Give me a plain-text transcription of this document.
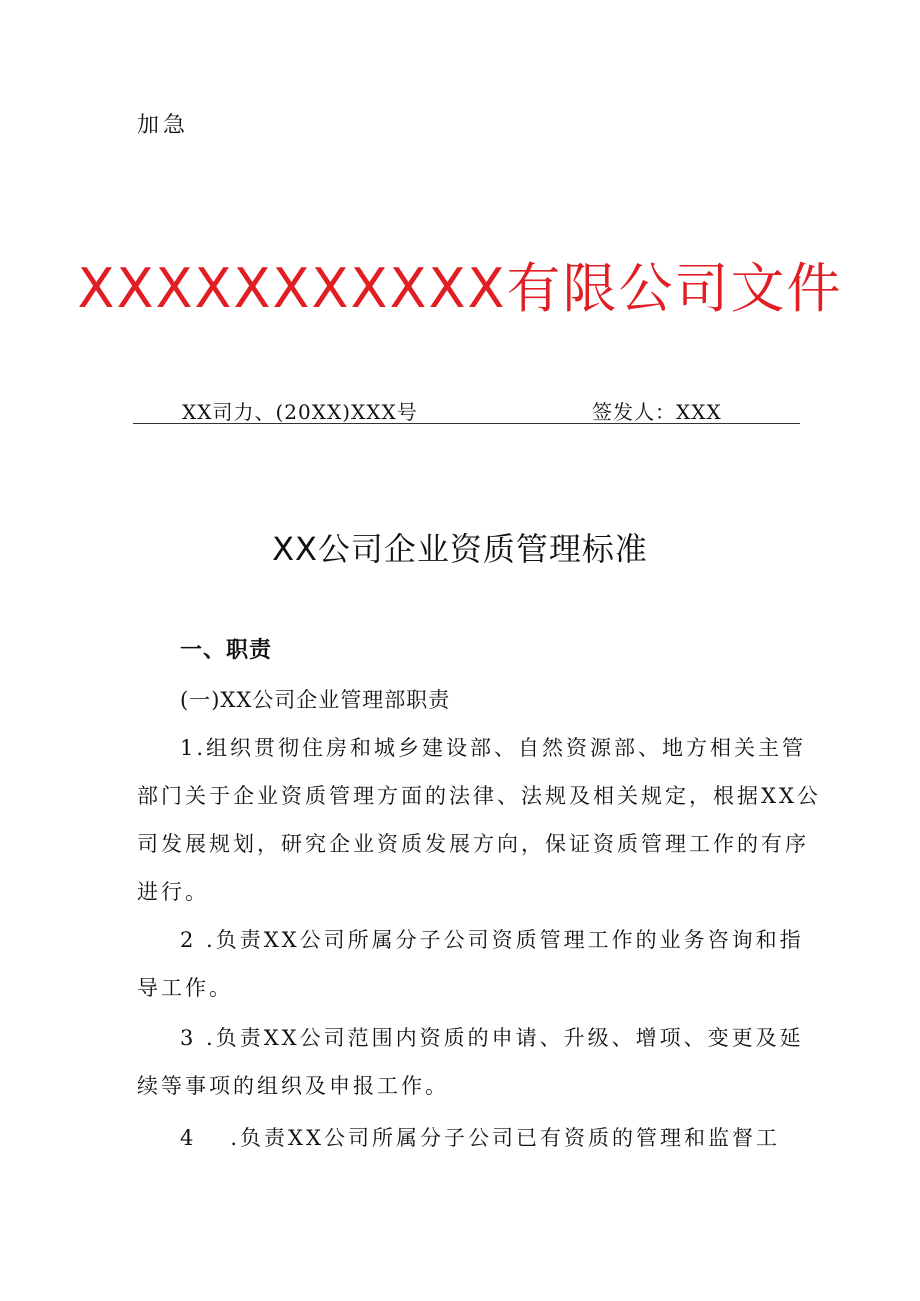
加急
XXXXXXXXXXX有限公司文件
XX司力、(20XX)XXX号	签发人：XXX
XX公司企业资质管理标准
一、职责
(一)XX公司企业管理部职责
1.组织贯彻住房和城乡建设部、自然资源部、地方相关主管
部门关于企业资质管理方面的法律、法规及相关规定，根据XX公
司发展规划，研究企业资质发展方向，保证资质管理工作的有序
进行。
2 .负责XX公司所属分子公司资质管理工作的业务咨询和指
导工作。
3 .负责XX公司范围内资质的申请、升级、增项、变更及延
续等事项的组织及申报工作。
4 .负责XX公司所属分子公司已有资质的管理和监督工
